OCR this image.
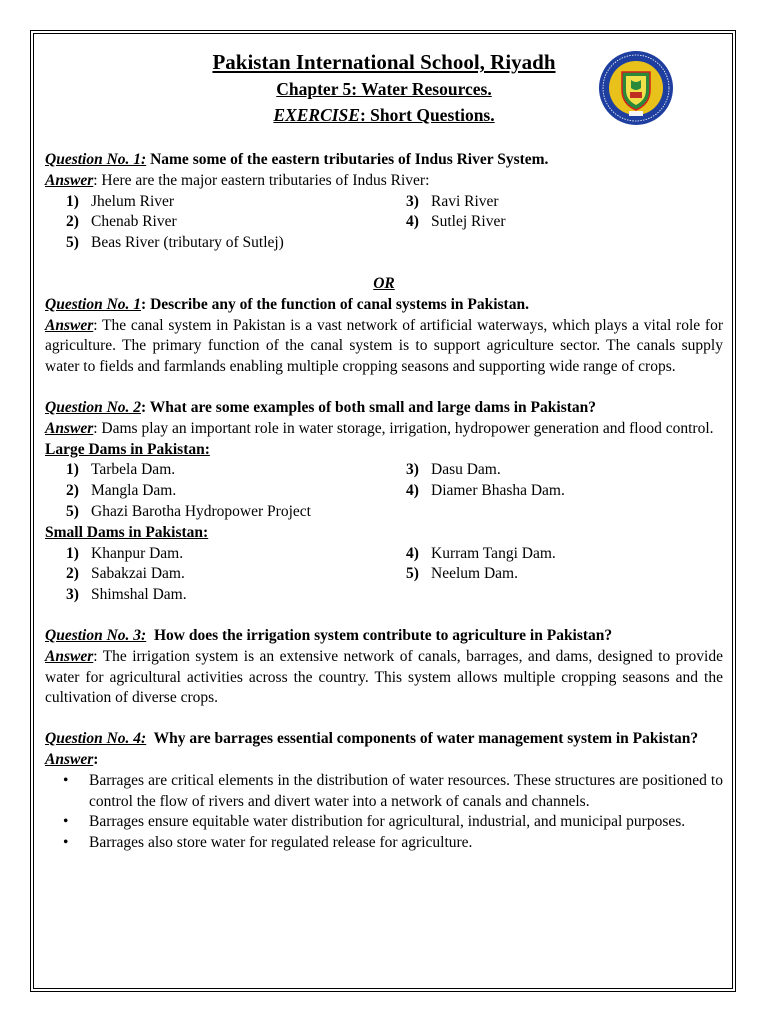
Pakistan International School, Riyadh
Chapter 5: Water Resources.
EXERCISE: Short Questions.

Question No. 1: Name some of the eastern tributaries of Indus River System.

Answer: Here are the major eastern tributaries of Indus River:

1) Jhelum River
2) Chenab River
5) Beas River (tributary of Sutlej)
3) Ravi River
4) Sutlej River
OR

Question No. 1: Describe any of the function of canal systems in Pakistan.

Answer: The canal system in Pakistan is a vast network of artificial waterways, which plays a vital role for agriculture. The primary function of the canal system is to support agriculture sector. The canals supply water to fields and farmlands enabling multiple cropping seasons and supporting wide range of crops.

Question No. 2: What are some examples of both small and large dams in Pakistan?

Answer: Dams play an important role in water storage, irrigation, hydropower generation and flood control.

Large Dams in Pakistan:

1) Tarbela Dam.
2) Mangla Dam.
5) Ghazi Barotha Hydropower Project
3) Dasu Dam.
4) Diamer Bhasha Dam.

Small Dams in Pakistan:

1) Khanpur Dam.
2) Sabakzai Dam.
3) Shimshal Dam.
4) Kurram Tangi Dam.
5) Neelum Dam.

Question No. 3:  How does the irrigation system contribute to agriculture in Pakistan?

Answer: The irrigation system is an extensive network of canals, barrages, and dams, designed to provide water for agricultural activities across the country. This system allows multiple cropping seasons and the cultivation of diverse crops.

Question No. 4:  Why are barrages essential components of water management system in Pakistan?

Answer:

•	Barrages are critical elements in the distribution of water resources. These structures are positioned to control the flow of rivers and divert water into a network of canals and channels.
•	Barrages ensure equitable water distribution for agricultural, industrial, and municipal purposes.
•	Barrages also store water for regulated release for agriculture.
